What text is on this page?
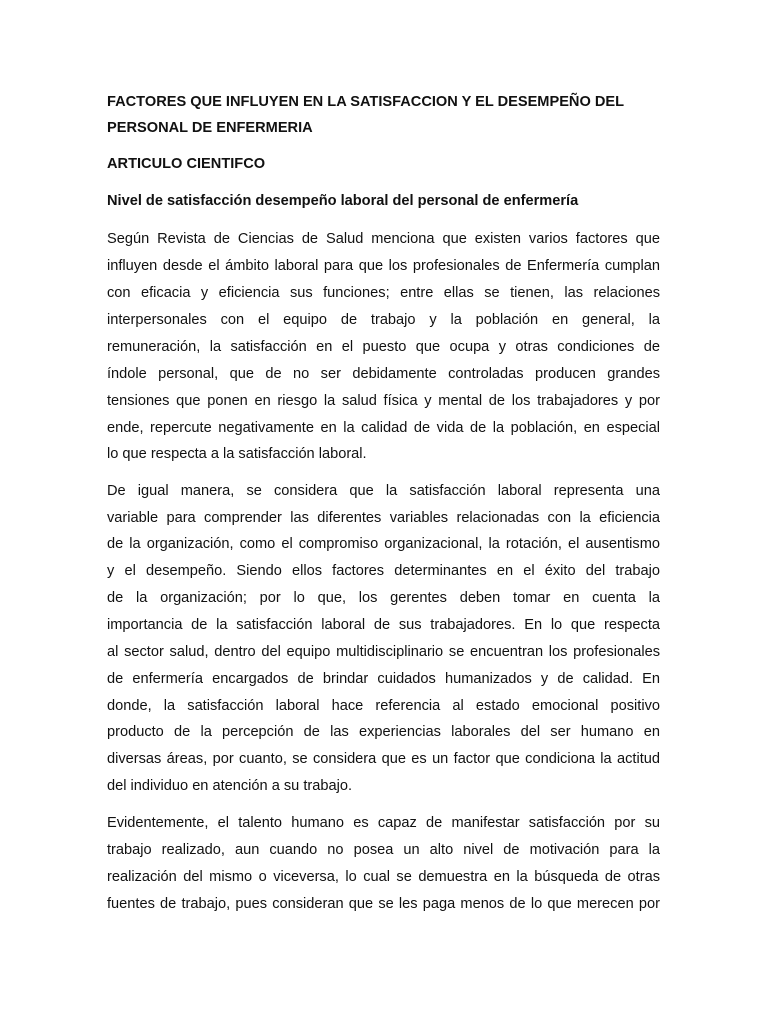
FACTORES QUE INFLUYEN EN LA SATISFACCION Y EL DESEMPEÑO DEL

PERSONAL DE ENFERMERIA

ARTICULO CIENTIFCO

Nivel de satisfacción desempeño laboral del personal de enfermería

Según Revista de Ciencias de Salud menciona que existen varios factores que

influyen desde el ámbito laboral para que los profesionales de Enfermería cumplan

con eficacia y eficiencia sus funciones; entre ellas se tienen, las relaciones

interpersonales con el equipo de trabajo y la población en general, la

remuneración, la satisfacción en el puesto que ocupa y otras condiciones de

índole personal, que de no ser debidamente controladas producen grandes

tensiones que ponen en riesgo la salud física y mental de los trabajadores y por

ende, repercute negativamente en la calidad de vida de la población, en especial

lo que respecta a la satisfacción laboral.

De igual manera, se considera que la satisfacción laboral representa una

variable para comprender las diferentes variables relacionadas con la eficiencia

de la organización, como el compromiso organizacional, la rotación, el ausentismo

y el desempeño. Siendo ellos factores determinantes en el éxito del trabajo

de la organización; por lo que, los gerentes deben tomar en cuenta la

importancia de la satisfacción laboral de sus trabajadores. En lo que respecta

al sector salud, dentro del equipo multidisciplinario se encuentran los profesionales

de enfermería encargados de brindar cuidados humanizados y de calidad. En

donde, la satisfacción laboral hace referencia al estado emocional positivo

producto de la percepción de las experiencias laborales del ser humano en

diversas áreas, por cuanto, se considera que es un factor que condiciona la actitud

del individuo en atención a su trabajo.

Evidentemente, el talento humano es capaz de manifestar satisfacción por su

trabajo realizado, aun cuando no posea un alto nivel de motivación para la

realización del mismo o viceversa, lo cual se demuestra en la búsqueda de otras

fuentes de trabajo, pues consideran que se les paga menos de lo que merecen por
